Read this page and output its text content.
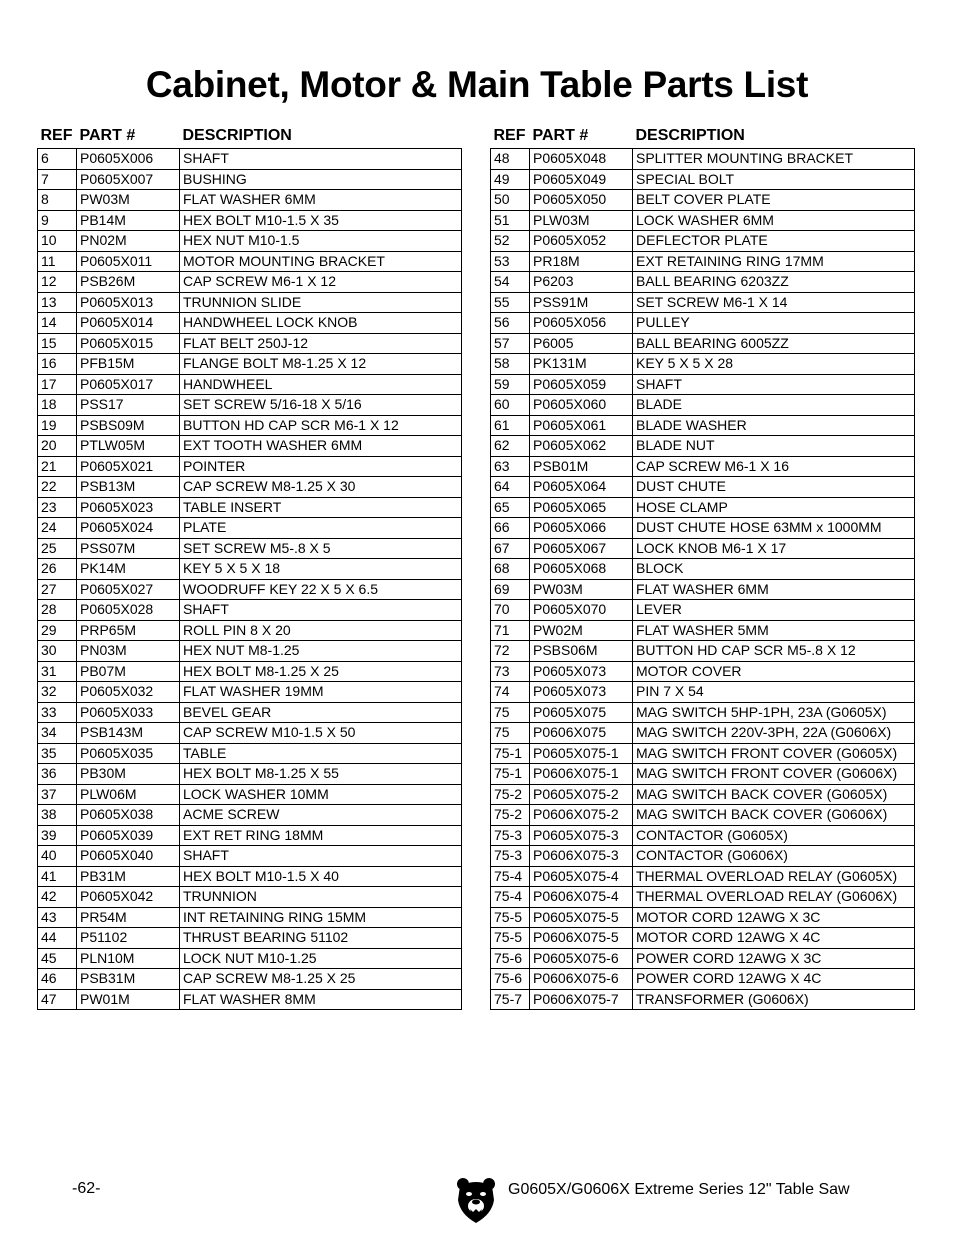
Cabinet, Motor & Main Table Parts List
REF	PART #	DESCRIPTION
6	P0605X006	SHAFT
7	P0605X007	BUSHING
8	PW03M	FLAT WASHER 6MM
9	PB14M	HEX BOLT M10-1.5 X 35
10	PN02M	HEX NUT M10-1.5
11	P0605X011	MOTOR MOUNTING BRACKET
12	PSB26M	CAP SCREW M6-1 X 12
13	P0605X013	TRUNNION SLIDE
14	P0605X014	HANDWHEEL LOCK KNOB
15	P0605X015	FLAT BELT 250J-12
16	PFB15M	FLANGE BOLT M8-1.25 X 12
17	P0605X017	HANDWHEEL
18	PSS17	SET SCREW 5/16-18 X 5/16
19	PSBS09M	BUTTON HD CAP SCR M6-1 X 12
20	PTLW05M	EXT TOOTH WASHER 6MM
21	P0605X021	POINTER
22	PSB13M	CAP SCREW M8-1.25 X 30
23	P0605X023	TABLE INSERT
24	P0605X024	PLATE
25	PSS07M	SET SCREW M5-.8 X 5
26	PK14M	KEY 5 X 5 X 18
27	P0605X027	WOODRUFF KEY 22 X 5 X 6.5
28	P0605X028	SHAFT
29	PRP65M	ROLL PIN 8 X 20
30	PN03M	HEX NUT M8-1.25
31	PB07M	HEX BOLT M8-1.25 X 25
32	P0605X032	FLAT WASHER 19MM
33	P0605X033	BEVEL GEAR
34	PSB143M	CAP SCREW M10-1.5 X 50
35	P0605X035	TABLE
36	PB30M	HEX BOLT M8-1.25 X 55
37	PLW06M	LOCK WASHER 10MM
38	P0605X038	ACME SCREW
39	P0605X039	EXT RET RING 18MM
40	P0605X040	SHAFT
41	PB31M	HEX BOLT M10-1.5 X 40
42	P0605X042	TRUNNION
43	PR54M	INT RETAINING RING 15MM
44	P51102	THRUST BEARING 51102
45	PLN10M	LOCK NUT M10-1.25
46	PSB31M	CAP SCREW M8-1.25 X 25
47	PW01M	FLAT WASHER 8MM
REF	PART #	DESCRIPTION
48	P0605X048	SPLITTER MOUNTING BRACKET
49	P0605X049	SPECIAL BOLT
50	P0605X050	BELT COVER PLATE
51	PLW03M	LOCK WASHER 6MM
52	P0605X052	DEFLECTOR PLATE
53	PR18M	EXT RETAINING RING 17MM
54	P6203	BALL BEARING 6203ZZ
55	PSS91M	SET SCREW M6-1 X 14
56	P0605X056	PULLEY
57	P6005	BALL BEARING 6005ZZ
58	PK131M	KEY 5 X 5 X 28
59	P0605X059	SHAFT
60	P0605X060	BLADE
61	P0605X061	BLADE WASHER
62	P0605X062	BLADE NUT
63	PSB01M	CAP SCREW M6-1 X 16
64	P0605X064	DUST CHUTE
65	P0605X065	HOSE CLAMP
66	P0605X066	DUST CHUTE HOSE 63MM x 1000MM
67	P0605X067	LOCK KNOB M6-1 X 17
68	P0605X068	BLOCK
69	PW03M	FLAT WASHER 6MM
70	P0605X070	LEVER
71	PW02M	FLAT WASHER 5MM
72	PSBS06M	BUTTON HD CAP SCR M5-.8 X 12
73	P0605X073	MOTOR COVER
74	P0605X073	PIN 7 X 54
75	P0605X075	MAG SWITCH 5HP-1PH, 23A (G0605X)
75	P0606X075	MAG SWITCH 220V-3PH, 22A (G0606X)
75-1	P0605X075-1	MAG SWITCH FRONT COVER (G0605X)
75-1	P0606X075-1	MAG SWITCH FRONT COVER (G0606X)
75-2	P0605X075-2	MAG SWITCH BACK COVER (G0605X)
75-2	P0606X075-2	MAG SWITCH BACK COVER (G0606X)
75-3	P0605X075-3	CONTACTOR (G0605X)
75-3	P0606X075-3	CONTACTOR (G0606X)
75-4	P0605X075-4	THERMAL OVERLOAD RELAY (G0605X)
75-4	P0606X075-4	THERMAL OVERLOAD RELAY (G0606X)
75-5	P0605X075-5	MOTOR CORD 12AWG X 3C
75-5	P0606X075-5	MOTOR CORD 12AWG X 4C
75-6	P0605X075-6	POWER CORD 12AWG X 3C
75-6	P0606X075-6	POWER CORD 12AWG X 4C
75-7	P0606X075-7	TRANSFORMER (G0606X)
-62-	G0605X/G0606X Extreme Series 12" Table Saw
